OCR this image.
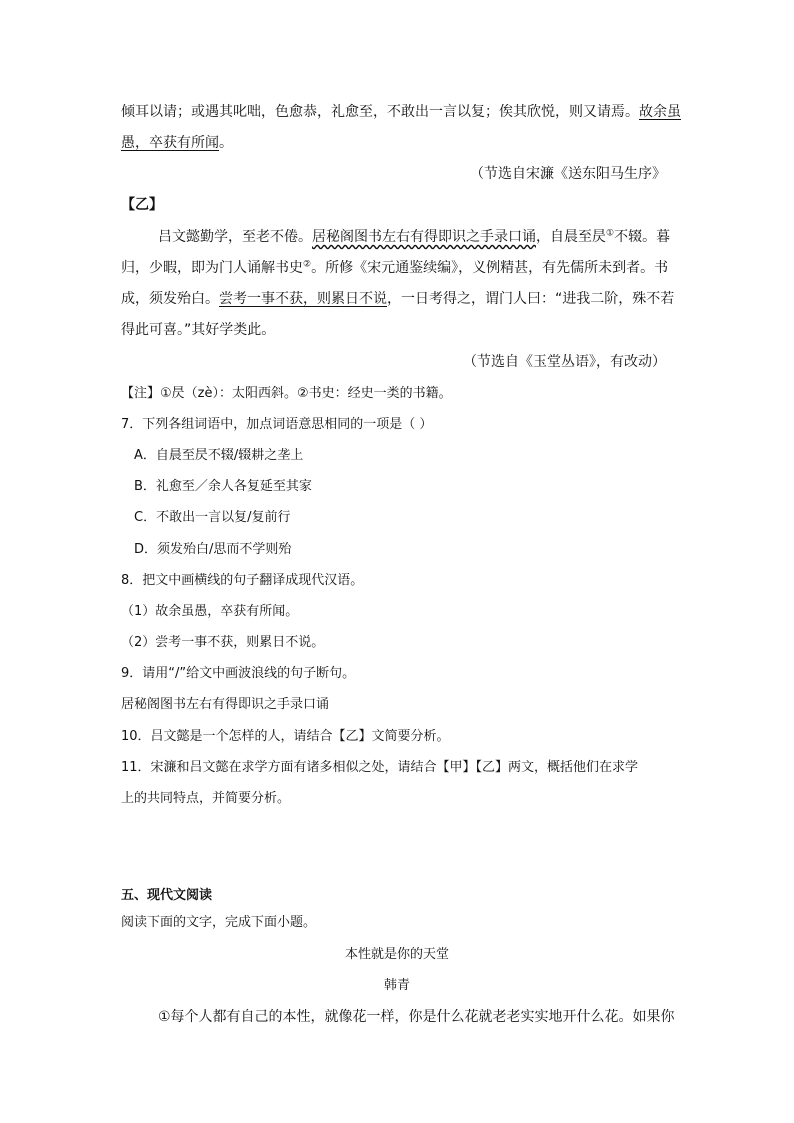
倾耳以请；或遇其叱咄，色愈恭，礼愈至，不敢出一言以复；俟其欣悦，则又请焉。故余虽
愚，卒获有所闻。
（节选自宋濂《送东阳马生序》
【乙】
吕文懿勤学，至老不倦。居秘阁图书左右有得即识之手录口诵，自晨至昃①不辍。暮
归，少暇，即为门人诵解书史②。所修《宋元通鉴续编》，义例精甚，有先儒所未到者。书
成，须发殆白。尝考一事不获，则累日不说，一日考得之，谓门人曰：“进我二阶，殊不若
得此可喜。”其好学类此。
（节选自《玉堂丛语》，有改动）
【注】①昃（zè）：太阳西斜。②书史：经史一类的书籍。
7．下列各组词语中，加点词语意思相同的一项是（ ）
A．自晨至昃不辍/辍耕之垄上
B．礼愈至／余人各复延至其家
C．不敢出一言以复/复前行
D．须发殆白/思而不学则殆
8．把文中画横线的句子翻译成现代汉语。
（1）故余虽愚，卒获有所闻。
（2）尝考一事不获，则累日不说。
9．请用“/”给文中画波浪线的句子断句。
居秘阁图书左右有得即识之手录口诵
10．吕文懿是一个怎样的人，请结合【乙】文简要分析。
11．宋濂和吕文懿在求学方面有诸多相似之处，请结合【甲】【乙】两文，概括他们在求学
上的共同特点，并简要分析。
五、现代文阅读
阅读下面的文字，完成下面小题。
本性就是你的天堂
韩青
①每个人都有自己的本性，就像花一样，你是什么花就老老实实地开什么花。如果你
